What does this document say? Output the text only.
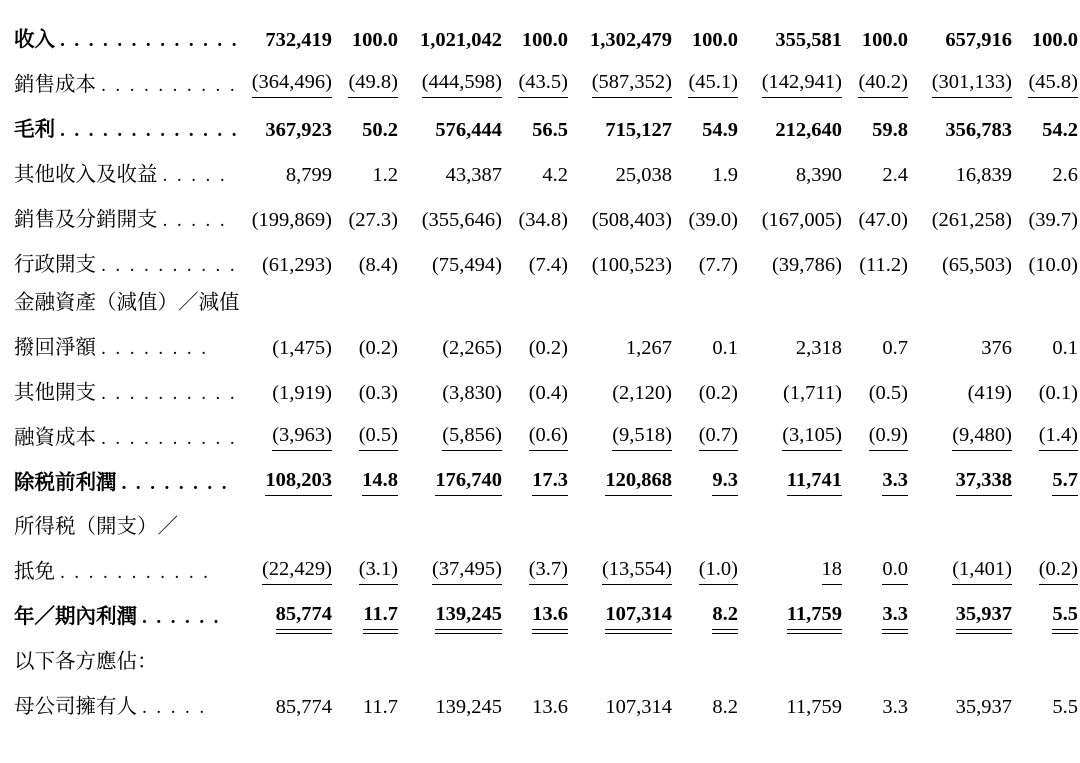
收入 . . . . . . . . . . . . .	732,419	100.0	1,021,042	100.0	1,302,479	100.0	355,581	100.0	657,916	100.0
銷售成本 . . . . . . . . . .	(364,496)	(49.8)	(444,598)	(43.5)	(587,352)	(45.1)	(142,941)	(40.2)	(301,133)	(45.8)
毛利 . . . . . . . . . . . . .	367,923	50.2	576,444	56.5	715,127	54.9	212,640	59.8	356,783	54.2
其他收入及收益 . . . . .	8,799	1.2	43,387	4.2	25,038	1.9	8,390	2.4	16,839	2.6
銷售及分銷開支 . . . . .	(199,869)	(27.3)	(355,646)	(34.8)	(508,403)	(39.0)	(167,005)	(47.0)	(261,258)	(39.7)
行政開支 . . . . . . . . . .	(61,293)	(8.4)	(75,494)	(7.4)	(100,523)	(7.7)	(39,786)	(11.2)	(65,503)	(10.0)
金融資產（減值）／減值										
撥回淨額 . . . . . . . .	(1,475)	(0.2)	(2,265)	(0.2)	1,267	0.1	2,318	0.7	376	0.1
其他開支 . . . . . . . . . .	(1,919)	(0.3)	(3,830)	(0.4)	(2,120)	(0.2)	(1,711)	(0.5)	(419)	(0.1)
融資成本 . . . . . . . . . .	(3,963)	(0.5)	(5,856)	(0.6)	(9,518)	(0.7)	(3,105)	(0.9)	(9,480)	(1.4)
除税前利潤 . . . . . . . .	108,203	14.8	176,740	17.3	120,868	9.3	11,741	3.3	37,338	5.7
所得税（開支）／										
抵免 . . . . . . . . . . .	(22,429)	(3.1)	(37,495)	(3.7)	(13,554)	(1.0)	18	0.0	(1,401)	(0.2)
年／期內利潤 . . . . . .	85,774	11.7	139,245	13.6	107,314	8.2	11,759	3.3	35,937	5.5
以下各方應佔：										
母公司擁有人 . . . . .	85,774	11.7	139,245	13.6	107,314	8.2	11,759	3.3	35,937	5.5
